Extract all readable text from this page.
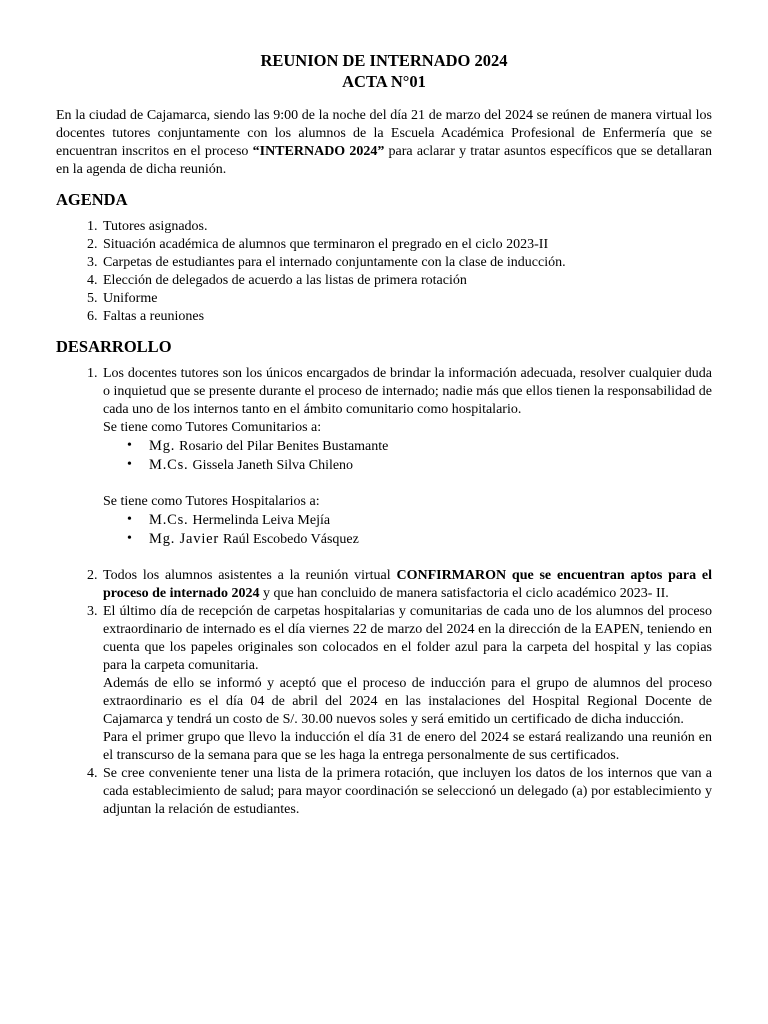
REUNION DE INTERNADO 2024
ACTA N°01

En la ciudad de Cajamarca, siendo las 9:00 de la noche del día 21 de marzo del 2024 se reúnen de manera virtual los docentes tutores conjuntamente con los alumnos de la Escuela Académica Profesional de Enfermería que se encuentran inscritos en el proceso “INTERNADO 2024” para aclarar y tratar asuntos específicos que se detallaran en la agenda de dicha reunión.

AGENDA
1. Tutores asignados.
2. Situación académica de alumnos que terminaron el pregrado en el ciclo 2023-II
3. Carpetas de estudiantes para el internado conjuntamente con la clase de inducción.
4. Elección de delegados de acuerdo a las listas de primera rotación
5. Uniforme
6. Faltas a reuniones
DESARROLLO
1. Los docentes tutores son los únicos encargados de brindar la información adecuada, resolver cualquier duda o inquietud que se presente durante el proceso de internado; nadie más que ellos tienen la responsabilidad de cada uno de los internos tanto en el ámbito comunitario como hospitalario.
Se tiene como Tutores Comunitarios a:
• Mg. Rosario del Pilar Benites Bustamante
• M.Cs. Gissela Janeth Silva Chileno
Se tiene como Tutores Hospitalarios a:
• M.Cs. Hermelinda Leiva Mejía
• Mg. Javier Raúl Escobedo Vásquez
2. Todos los alumnos asistentes a la reunión virtual CONFIRMARON que se encuentran aptos para el proceso de internado 2024 y que han concluido de manera satisfactoria el ciclo académico 2023- II.
3. El último día de recepción de carpetas hospitalarias y comunitarias de cada uno de los alumnos del proceso extraordinario de internado es el día viernes 22 de marzo del 2024 en la dirección de la EAPEN, teniendo en cuenta que los papeles originales son colocados en el folder azul para la carpeta del hospital y las copias para la carpeta comunitaria.
Además de ello se informó y aceptó que el proceso de inducción para el grupo de alumnos del proceso extraordinario es el día 04 de abril del 2024 en las instalaciones del Hospital Regional Docente de Cajamarca y tendrá un costo de S/. 30.00 nuevos soles y será emitido un certificado de dicha inducción.
Para el primer grupo que llevo la inducción el día 31 de enero del 2024 se estará realizando una reunión en el transcurso de la semana para que se les haga la entrega personalmente de sus certificados.
4. Se cree conveniente tener una lista de la primera rotación, que incluyen los datos de los internos que van a cada establecimiento de salud; para mayor coordinación se seleccionó un delegado (a) por establecimiento y adjuntan la relación de estudiantes.
